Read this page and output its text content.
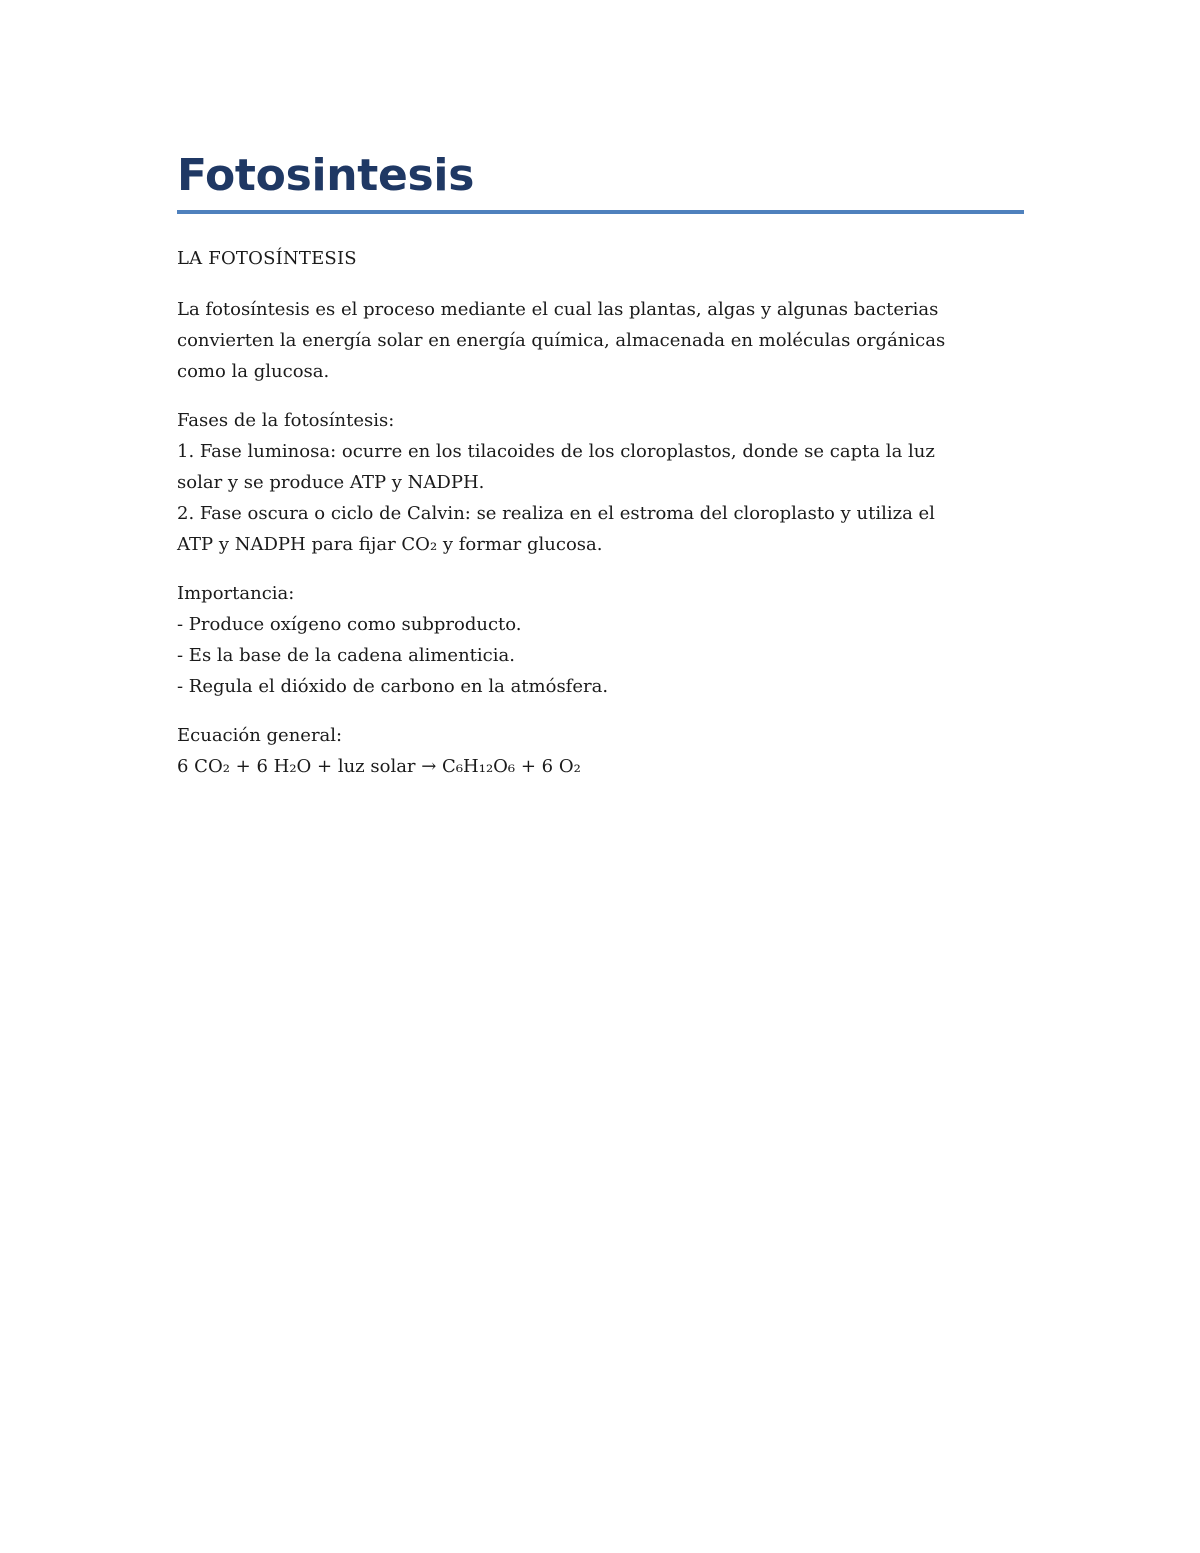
Fotosintesis
LA FOTOSÍNTESIS
La fotosíntesis es el proceso mediante el cual las plantas, algas y algunas bacterias
convierten la energía solar en energía química, almacenada en moléculas orgánicas
como la glucosa.
Fases de la fotosíntesis:
1. Fase luminosa: ocurre en los tilacoides de los cloroplastos, donde se capta la luz
solar y se produce ATP y NADPH.
2. Fase oscura o ciclo de Calvin: se realiza en el estroma del cloroplasto y utiliza el
ATP y NADPH para fijar CO₂ y formar glucosa.
Importancia:
- Produce oxígeno como subproducto.
- Es la base de la cadena alimenticia.
- Regula el dióxido de carbono en la atmósfera.
Ecuación general:
6 CO₂ + 6 H₂O + luz solar → C₆H₁₂O₆ + 6 O₂
